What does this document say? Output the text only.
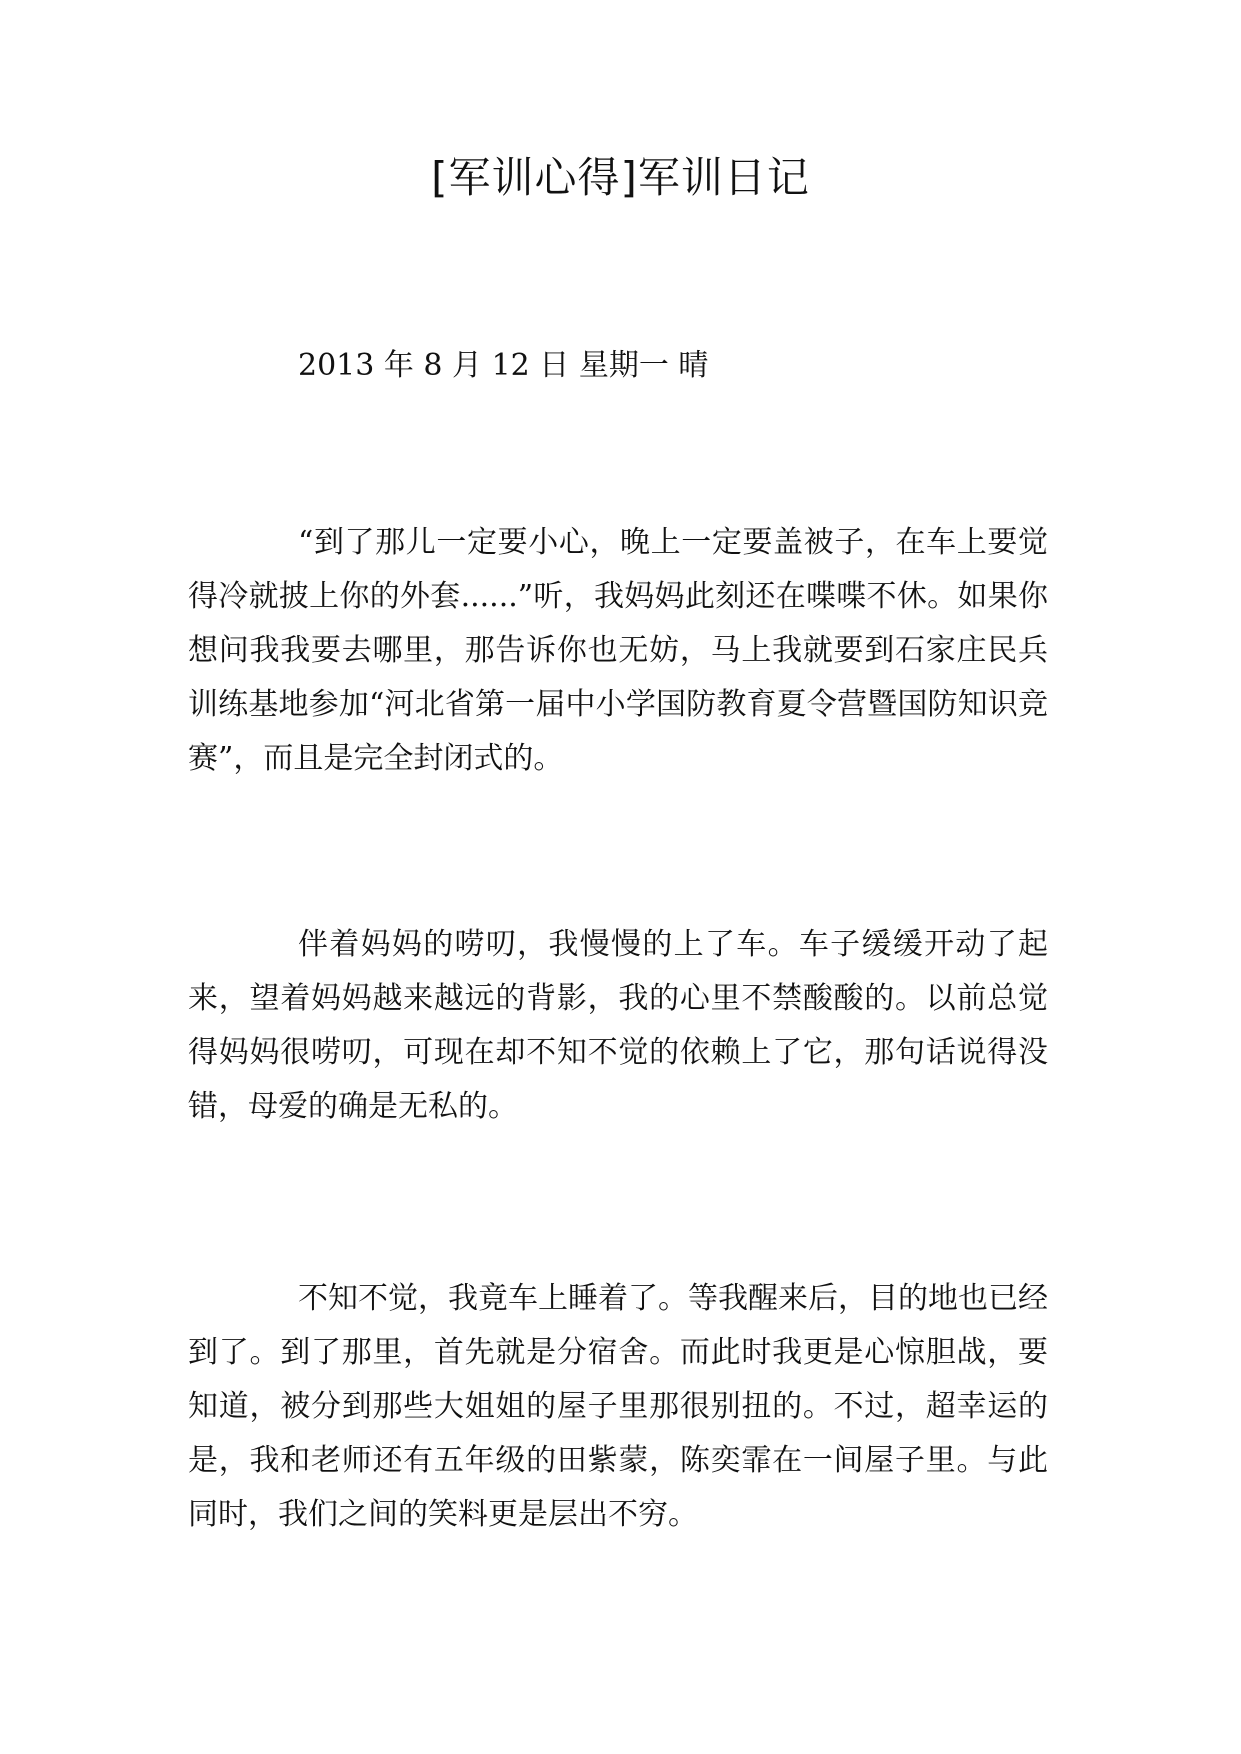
[军训心得]军训日记
2013 年 8 月 12 日 星期一 晴

“到了那儿一定要小心，晚上一定要盖被子，在车上要觉得冷就披上你的外套......”听，我妈妈此刻还在喋喋不休。如果你想问我我要去哪里，那告诉你也无妨，马上我就要到石家庄民兵训练基地参加“河北省第一届中小学国防教育夏令营暨国防知识竞赛”，而且是完全封闭式的。

伴着妈妈的唠叨，我慢慢的上了车。车子缓缓开动了起来，望着妈妈越来越远的背影，我的心里不禁酸酸的。以前总觉得妈妈很唠叨，可现在却不知不觉的依赖上了它，那句话说得没错，母爱的确是无私的。

不知不觉，我竟车上睡着了。等我醒来后，目的地也已经到了。到了那里，首先就是分宿舍。而此时我更是心惊胆战，要知道，被分到那些大姐姐的屋子里那很别扭的。不过，超幸运的是，我和老师还有五年级的田紫蒙，陈奕霏在一间屋子里。与此同时，我们之间的笑料更是层出不穷。
